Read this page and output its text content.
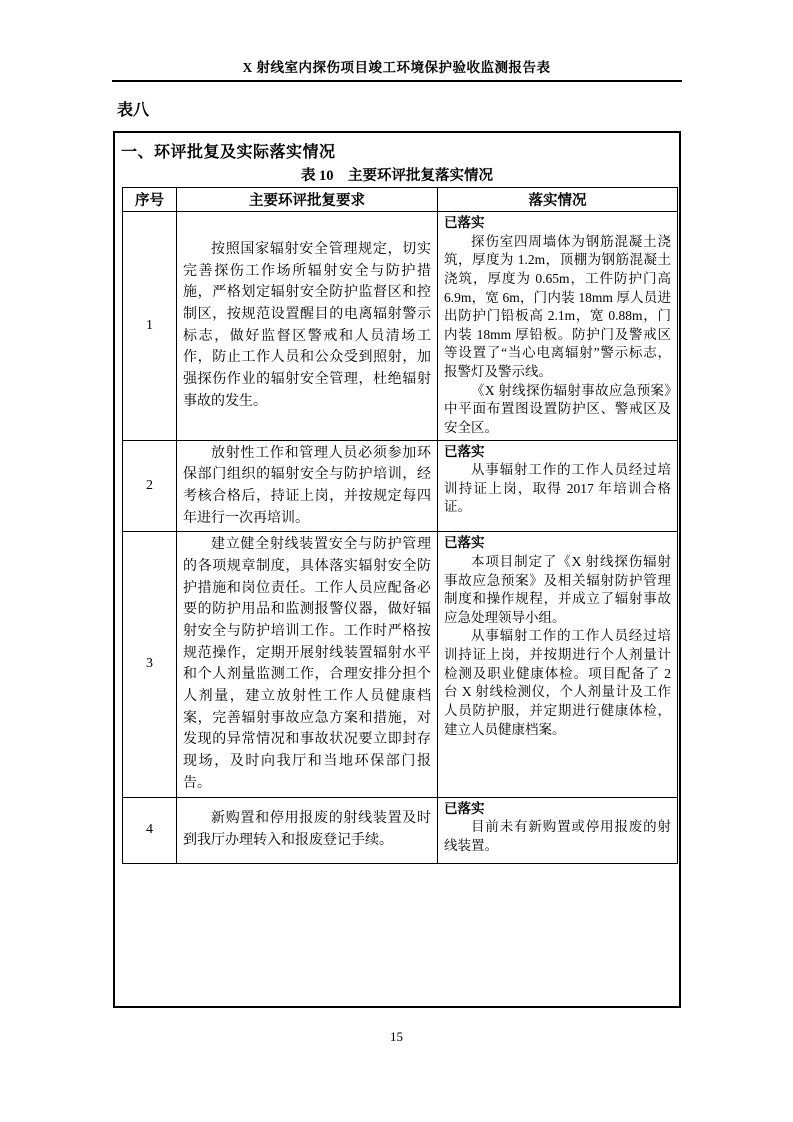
X 射线室内探伤项目竣工环境保护验收监测报告表
表八
一、环评批复及实际落实情况
表 10　主要环评批复落实情况
序号	主要环评批复要求	落实情况
1	按照国家辐射安全管理规定，切实完善探伤工作场所辐射安全与防护措施，严格划定辐射安全防护监督区和控制区，按规范设置醒目的电离辐射警示标志，做好监督区警戒和人员清场工作，防止工作人员和公众受到照射，加强探伤作业的辐射安全管理，杜绝辐射事故的发生。	已落实

探伤室四周墙体为钢筋混凝土浇筑，厚度为 1.2m，顶棚为钢筋混凝土浇筑，厚度为 0.65m，工件防护门高 6.9m，宽 6m，门内装 18mm 厚人员进出防护门铅板高 2.1m，宽 0.88m，门内装 18mm 厚铅板。防护门及警戒区等设置了“当心电离辐射”警示标志，报警灯及警示线。

《X 射线探伤辐射事故应急预案》中平面布置图设置防护区、警戒区及安全区。

2	放射性工作和管理人员必须参加环保部门组织的辐射安全与防护培训，经考核合格后，持证上岗，并按规定每四年进行一次再培训。	已落实

从事辐射工作的工作人员经过培训持证上岗，取得 2017 年培训合格证。

3	建立健全射线装置安全与防护管理的各项规章制度，具体落实辐射安全防护措施和岗位责任。工作人员应配备必要的防护用品和监测报警仪器，做好辐射安全与防护培训工作。工作时严格按规范操作，定期开展射线装置辐射水平和个人剂量监测工作，合理安排分担个人剂量，建立放射性工作人员健康档案，完善辐射事故应急方案和措施，对发现的异常情况和事故状况要立即封存现场，及时向我厅和当地环保部门报告。	已落实

本项目制定了《X 射线探伤辐射事故应急预案》及相关辐射防护管理制度和操作规程，并成立了辐射事故应急处理领导小组。

从事辐射工作的工作人员经过培训持证上岗，并按期进行个人剂量计检测及职业健康体检。项目配备了 2 台 X 射线检测仪，个人剂量计及工作人员防护服，并定期进行健康体检，建立人员健康档案。

4	新购置和停用报废的射线装置及时到我厅办理转入和报废登记手续。	已落实

目前未有新购置或停用报废的射线装置。

15
